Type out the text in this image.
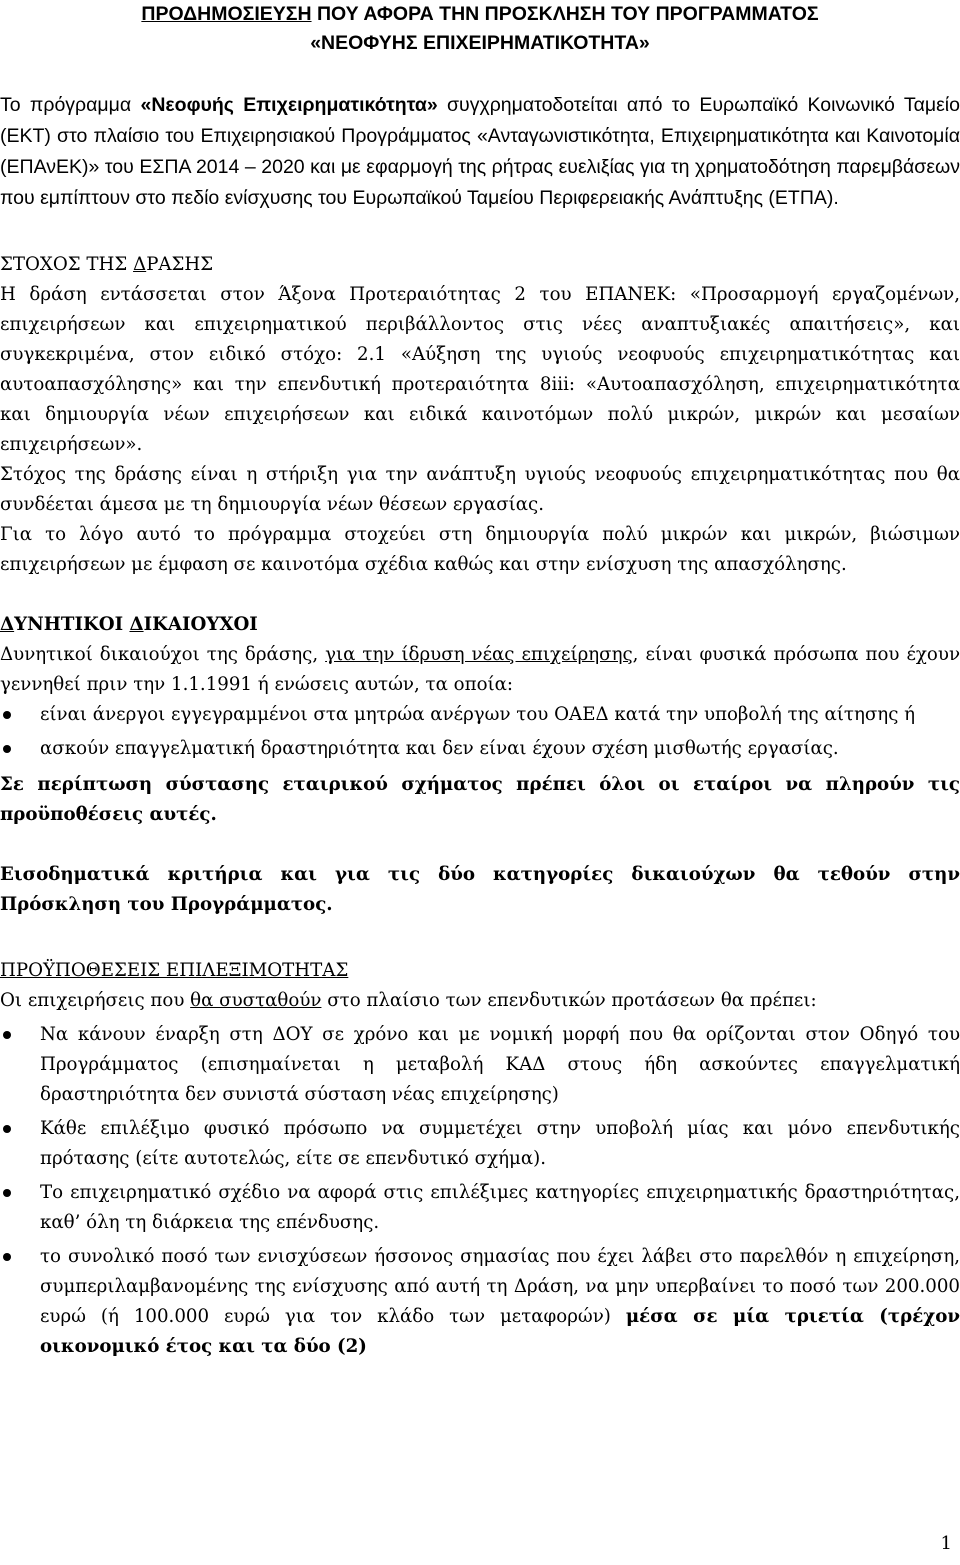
ΠΡΟΔΗΜΟΣΙΕΥΣΗ ΠΟΥ ΑΦΟΡΑ ΤΗΝ ΠΡΟΣΚΛΗΣΗ ΤΟΥ ΠΡΟΓΡΑΜΜΑΤΟΣ
«ΝΕΟΦΥΗΣ ΕΠΙΧΕΙΡΗΜΑΤΙΚΟΤΗΤΑ»

Το πρόγραμμα «Νεοφυής Επιχειρηματικότητα» συγχρηματοδοτείται από το Ευρωπαϊκό Κοινωνικό Ταμείο (ΕΚΤ) στο πλαίσιο του Επιχειρησιακού Προγράμματος «Ανταγωνιστικότητα, Επιχειρηματικότητα και Καινοτομία (ΕΠΑνΕΚ)» του ΕΣΠΑ 2014 – 2020 και με εφαρμογή της ρήτρας ευελιξίας για τη χρηματοδότηση παρεμβάσεων που εμπίπτουν στο πεδίο ενίσχυσης του Ευρωπαϊκού Ταμείου Περιφερειακής Ανάπτυξης (ΕΤΠΑ).

ΣΤΟΧΟΣ ΤΗΣ ΔΡΑΣΗΣ

Η δράση εντάσσεται στον Άξονα Προτεραιότητας 2 του ΕΠΑΝΕΚ: «Προσαρμογή εργαζομένων, επιχειρήσεων και επιχειρηματικού περιβάλλοντος στις νέες αναπτυξιακές απαιτήσεις», και συγκεκριμένα, στον ειδικό στόχο: 2.1 «Αύξηση της υγιούς νεοφυούς επιχειρηματικότητας και αυτοαπασχόλησης» και την επενδυτική προτεραιότητα 8iii: «Αυτοαπασχόληση, επιχειρηματικότητα και δημιουργία νέων επιχειρήσεων και ειδικά καινοτόμων πολύ μικρών, μικρών και μεσαίων επιχειρήσεων».

Στόχος της δράσης είναι η στήριξη για την ανάπτυξη υγιούς νεοφυούς επιχειρηματικότητας που θα συνδέεται άμεσα με τη δημιουργία νέων θέσεων εργασίας.

Για το λόγο αυτό το πρόγραμμα στοχεύει στη δημιουργία πολύ μικρών και μικρών, βιώσιμων επιχειρήσεων με έμφαση σε καινοτόμα σχέδια καθώς και στην ενίσχυση της απασχόλησης.

ΔΥΝΗΤΙΚΟΙ ΔΙΚΑΙΟΥΧΟΙ

Δυνητικοί δικαιούχοι της δράσης, για την ίδρυση νέας επιχείρησης, είναι φυσικά πρόσωπα που έχουν γεννηθεί πριν την 1.1.1991 ή ενώσεις αυτών, τα οποία:

είναι άνεργοι εγγεγραμμένοι στα μητρώα ανέργων του ΟΑΕΔ κατά την υποβολή της αίτησης ή
ασκούν επαγγελματική δραστηριότητα και δεν είναι έχουν σχέση μισθωτής εργασίας.

Σε περίπτωση σύστασης εταιρικού σχήματος πρέπει όλοι οι εταίροι να πληρούν τις προϋποθέσεις αυτές.

Εισοδηματικά κριτήρια και για τις δύο κατηγορίες δικαιούχων θα τεθούν στην Πρόσκληση του Προγράμματος.

ΠΡΟΫΠΟΘΕΣΕΙΣ ΕΠΙΛΕΞΙΜΟΤΗΤΑΣ

Οι επιχειρήσεις που θα συσταθούν στο πλαίσιο των επενδυτικών προτάσεων θα πρέπει:

Να κάνουν έναρξη στη ΔΟΥ σε χρόνο και με νομική μορφή που θα ορίζονται στον Οδηγό του Προγράμματος (επισημαίνεται η μεταβολή ΚΑΔ στους ήδη ασκούντες επαγγελματική δραστηριότητα δεν συνιστά σύσταση νέας επιχείρησης)
Κάθε επιλέξιμο φυσικό πρόσωπο να συμμετέχει στην υποβολή μίας και μόνο επενδυτικής πρότασης (είτε αυτοτελώς, είτε σε επενδυτικό σχήμα).
Το επιχειρηματικό σχέδιο να αφορά στις επιλέξιμες κατηγορίες επιχειρηματικής δραστηριότητας, καθ’ όλη τη διάρκεια της επένδυσης.
το συνολικό ποσό των ενισχύσεων ήσσονος σημασίας που έχει λάβει στο παρελθόν η επιχείρηση, συμπεριλαμβανομένης της ενίσχυσης από αυτή τη Δράση, να μην υπερβαίνει το ποσό των 200.000 ευρώ (ή 100.000 ευρώ για τον κλάδο των μεταφορών) μέσα σε μία τριετία (τρέχον οικονομικό έτος και τα δύο (2)
1
